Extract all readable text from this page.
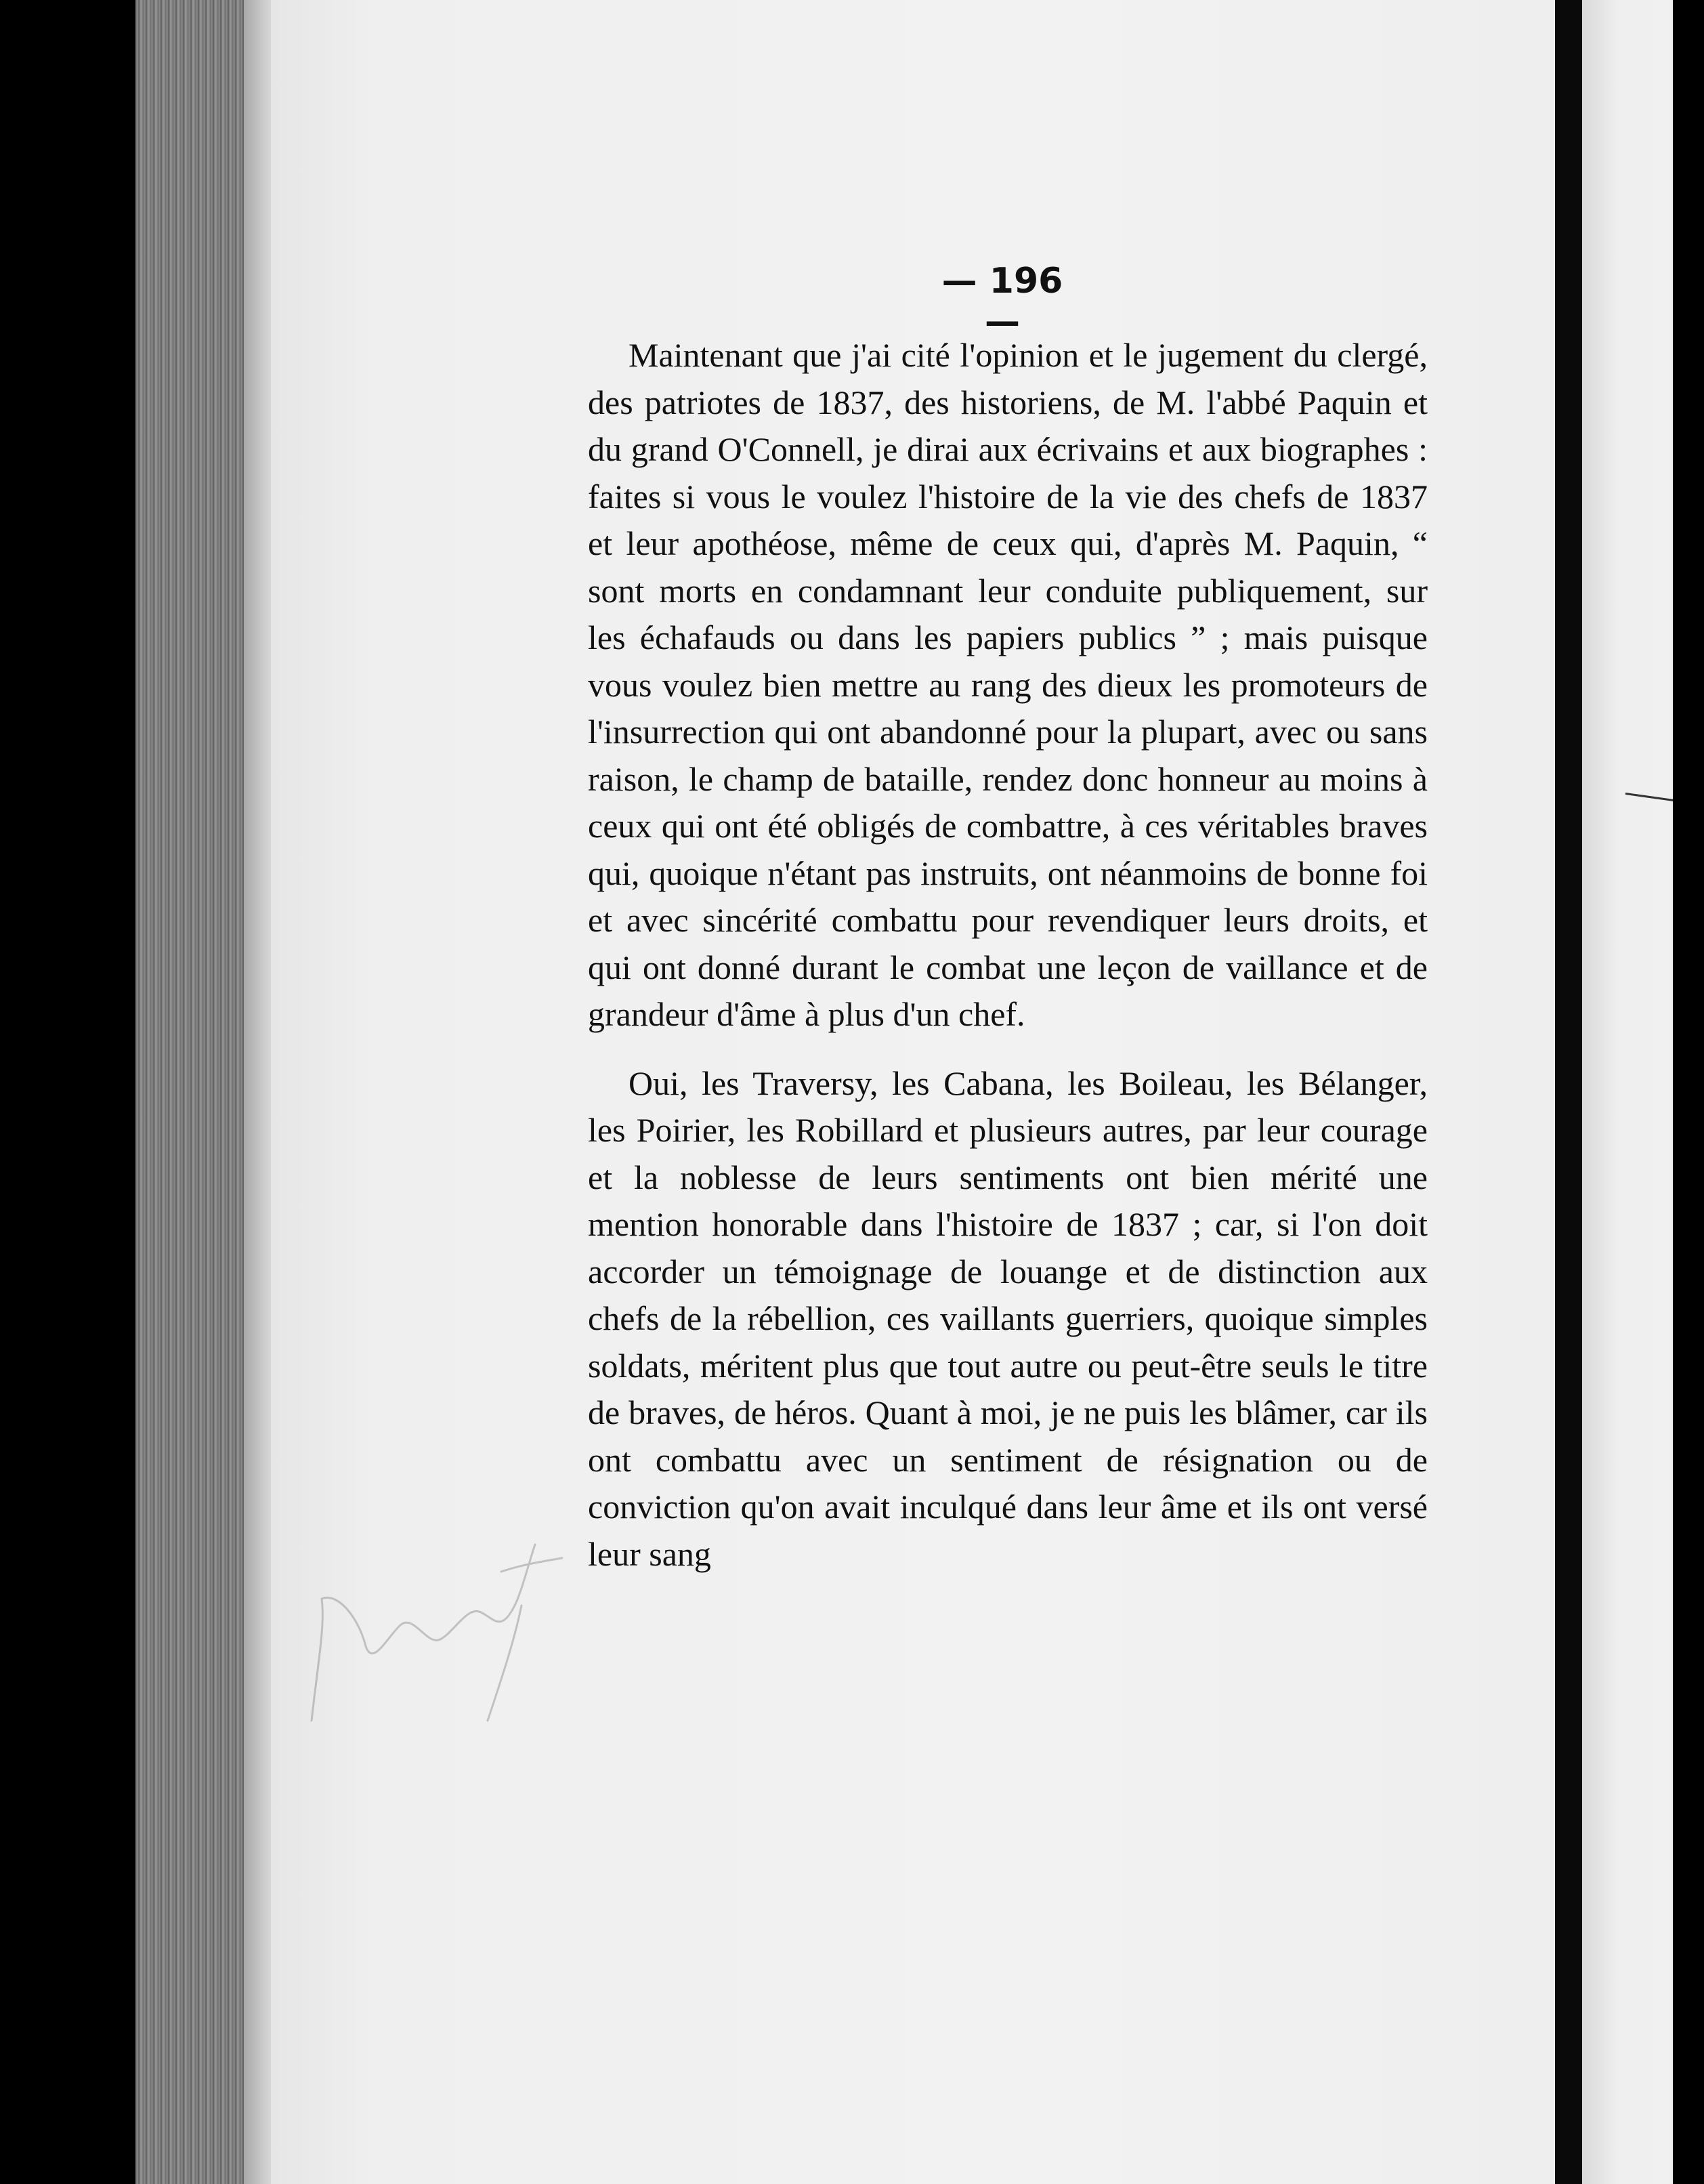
— 196 —

Maintenant que j'ai cité l'opinion et le jugement du clergé, des patriotes de 1837, des historiens, de M. l'abbé Paquin et du grand O'Connell, je dirai aux écrivains et aux biographes : faites si vous le voulez l'histoire de la vie des chefs de 1837 et leur apothéose, même de ceux qui, d'après M. Paquin, “ sont morts en condamnant leur conduite publiquement, sur les échafauds ou dans les papiers publics ” ; mais puisque vous voulez bien mettre au rang des dieux les promoteurs de l'insurrection qui ont abandonné pour la plupart, avec ou sans raison, le champ de bataille, rendez donc honneur au moins à ceux qui ont été obligés de combattre, à ces véritables braves qui, quoique n'étant pas instruits, ont néanmoins de bonne foi et avec sincérité combattu pour revendiquer leurs droits, et qui ont donné durant le combat une leçon de vaillance et de grandeur d'âme à plus d'un chef.

Oui, les Traversy, les Cabana, les Boileau, les Bélanger, les Poirier, les Robillard et plusieurs autres, par leur courage et la noblesse de leurs sentiments ont bien mérité une mention honorable dans l'histoire de 1837 ; car, si l'on doit accorder un témoignage de louange et de distinction aux chefs de la rébellion, ces vaillants guerriers, quoique simples soldats, méritent plus que tout autre ou peut-être seuls le titre de braves, de héros. Quant à moi, je ne puis les blâmer, car ils ont combattu avec un sentiment de résignation ou de conviction qu'on avait inculqué dans leur âme et ils ont versé leur sang
